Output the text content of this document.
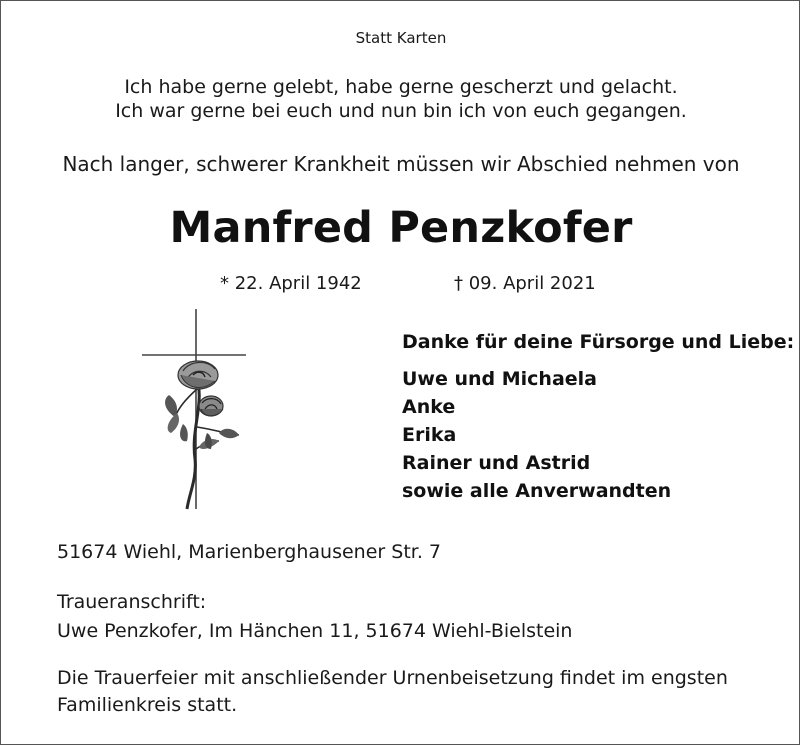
Statt Karten
Ich habe gerne gelebt, habe gerne gescherzt und gelacht.
Ich war gerne bei euch und nun bin ich von euch gegangen.
Nach langer, schwerer Krankheit müssen wir Abschied nehmen von
Manfred Penzkofer
* 22. April 1942	† 09. April 2021
Danke für deine Fürsorge und Liebe:
Uwe und Michaela
Anke
Erika
Rainer und Astrid
sowie alle Anverwandten
51674 Wiehl, Marienberghausener Str. 7
Traueranschrift:
Uwe Penzkofer, Im Hänchen 11, 51674 Wiehl-Bielstein
Die Trauerfeier mit anschließender Urnenbeisetzung findet im engsten
Familienkreis statt.
